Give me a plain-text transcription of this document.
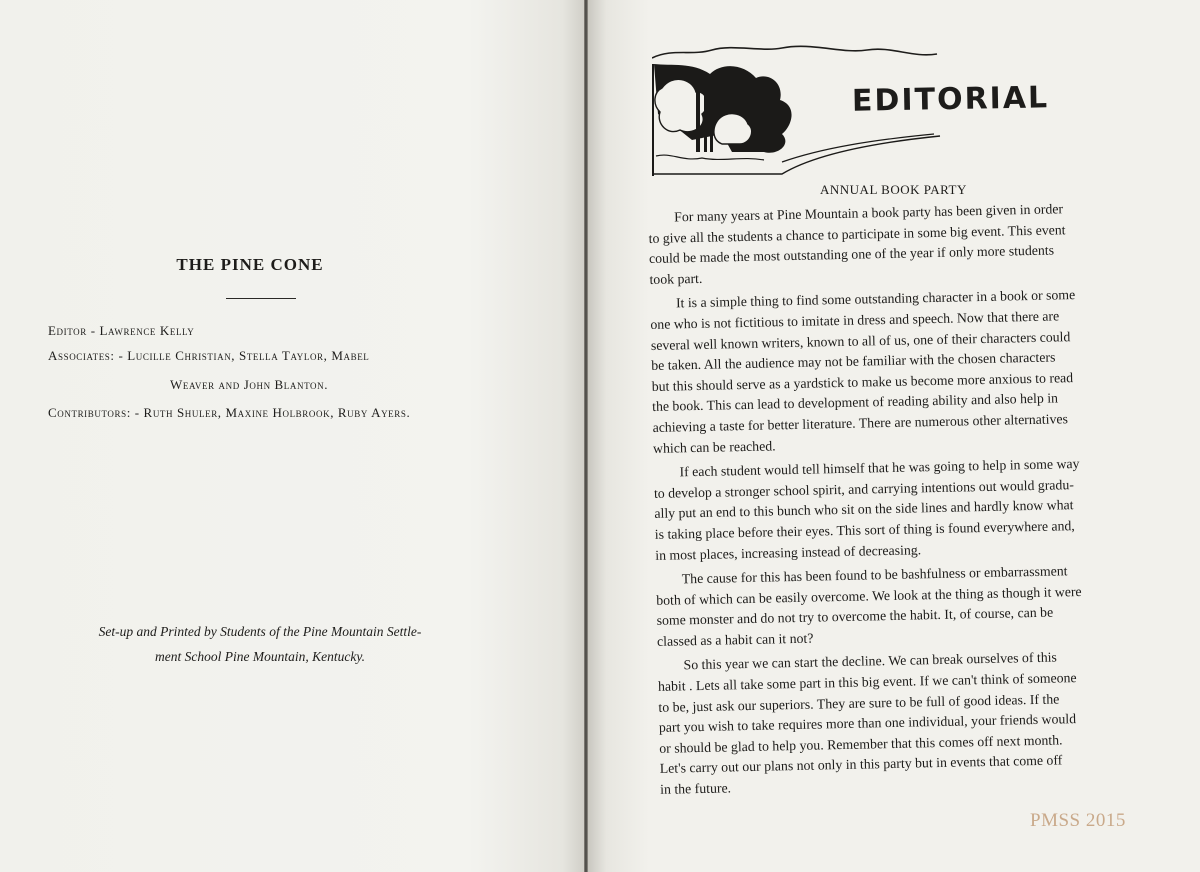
THE PINE CONE
Editor - Lawrence Kelly
Associates: - Lucille Christian, Stella Taylor, Mabel
Weaver and John Blanton.
Contributors: - Ruth Shuler, Maxine Holbrook, Ruby Ayers.
Set-up and Printed by Students of the Pine Mountain Settle-
ment School Pine Mountain, Kentucky.
EDITORIAL
ANNUAL BOOK PARTY
For many years at Pine Mountain a book party has been given in order
to give all the students a chance to participate in some big event. This event
could be made the most outstanding one of the year if only more students
took part.
It is a simple thing to find some outstanding character in a book or some
one who is not fictitious to imitate in dress and speech. Now that there are
several well known writers, known to all of us, one of their characters could
be taken. All the audience may not be familiar with the chosen characters
but this should serve as a yardstick to make us become more anxious to read
the book. This can lead to development of reading ability and also help in
achieving a taste for better literature. There are numerous other alternatives
which can be reached.
If each student would tell himself that he was going to help in some way
to develop a stronger school spirit, and carrying intentions out would gradu-
ally put an end to this bunch who sit on the side lines and hardly know what
is taking place before their eyes. This sort of thing is found everywhere and,
in most places, increasing instead of decreasing.
The cause for this has been found to be bashfulness or embarrassment
both of which can be easily overcome. We look at the thing as though it were
some monster and do not try to overcome the habit. It, of course, can be
classed as a habit can it not?
So this year we can start the decline. We can break ourselves of this
habit . Lets all take some part in this big event. If we can't think of someone
to be, just ask our superiors. They are sure to be full of good ideas. If the
part you wish to take requires more than one individual, your friends would
or should be glad to help you. Remember that this comes off next month.
Let's carry out our plans not only in this party but in events that come off
in the future.
PMSS 2015
